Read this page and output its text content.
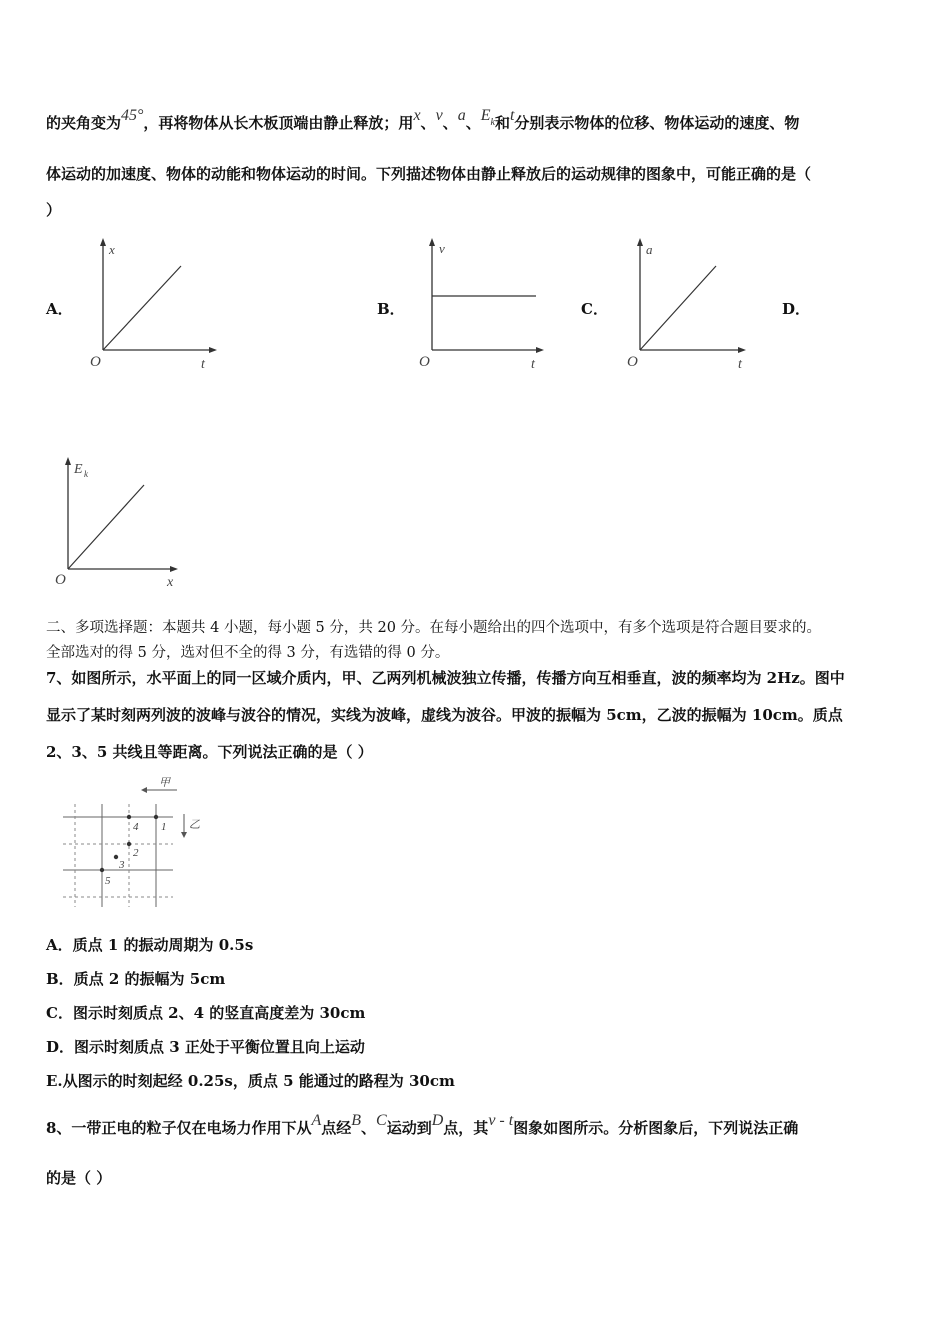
的夹角变为45°，再将物体从长木板顶端由静止释放；用x、v、a、$E^k$和t分别表示物体的位移、物体运动的速度、物
体运动的加速度、物体的动能和物体运动的时间。下列描述物体由静止释放后的运动规律的图象中，可能正确的是（
）
A．	B．	C．	D．
x
t
O
v
t
O
a
t
O
E k
x
O
二、多项选择题：本题共 4 小题，每小题 5 分，共 20 分。在每小题给出的四个选项中，有多个选项是符合题目要求的。
全部选对的得 5 分，选对但不全的得 3 分，有选错的得 0 分。
7、如图所示，水平面上的同一区域介质内，甲、乙两列机械波独立传播，传播方向互相垂直，波的频率均为 2Hz。图中
显示了某时刻两列波的波峰与波谷的情况，实线为波峰，虚线为波谷。甲波的振幅为 5cm，乙波的振幅为 10cm。质点
2、3、5 共线且等距离。下列说法正确的是（ ）
甲
乙
4 1
2
3
5
A．质点 1 的振动周期为 0.5s
B．质点 2 的振幅为 5cm
C．图示时刻质点 2、4 的竖直高度差为 30cm
D．图示时刻质点 3 正处于平衡位置且向上运动
E.从图示的时刻起经 0.25s，质点 5 能通过的路程为 30cm
8、一带正电的粒子仅在电场力作用下从A点经B、C运动到D点，其v - t图象如图所示。分析图象后，下列说法正确
的是（ ）
